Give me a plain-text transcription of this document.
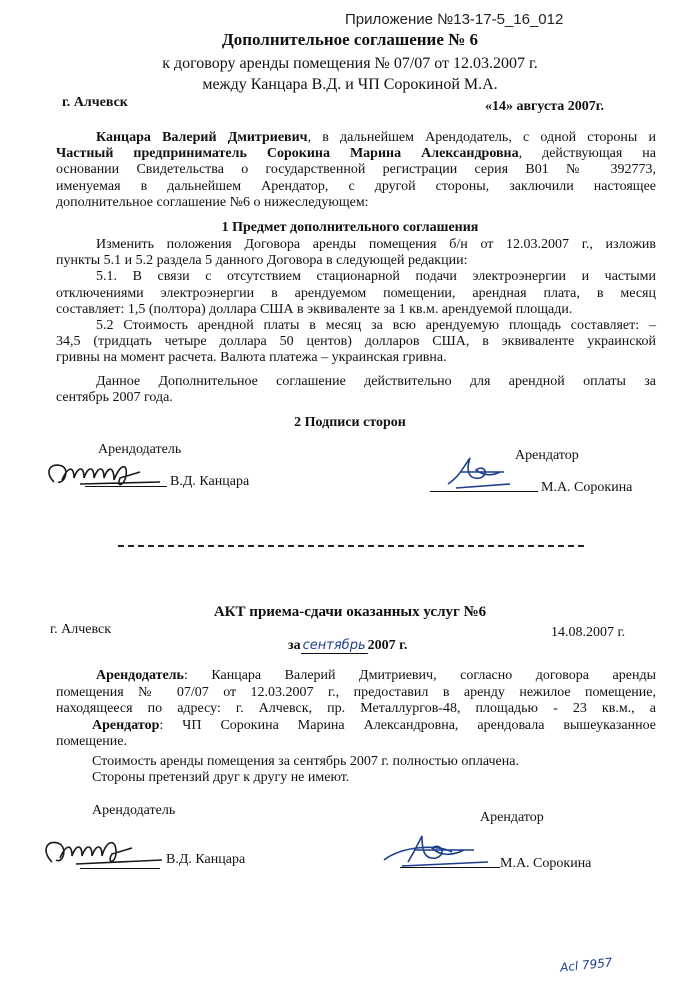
Приложение №13-17-5_16_012
Дополнительное соглашение № 6
к договору аренды помещения № 07/07 от 12.03.2007 г.
между Канцара В.Д. и ЧП Сорокиной М.А.
г. Алчевск	«14» августа 2007г.
Канцара Валерий Дмитриевич, в дальнейшем Арендодатель, с одной стороны и
Частный предприниматель Сорокина Марина Александровна, действующая на
основании Свидетельства о государственной регистрации серия В01 № 392773,
именуемая в дальнейшем Арендатор, с другой стороны, заключили настоящее
дополнительное соглашение №6 о нижеследующем:
1 Предмет дополнительного соглашения
Изменить положения Договора аренды помещения б/н от 12.03.2007 г., изложив
пункты 5.1 и 5.2 раздела 5 данного Договора в следующей редакции:
5.1. В связи с отсутствием стационарной подачи электроэнергии и частыми
отключениями электроэнергии в арендуемом помещении, арендная плата, в месяц
составляет: 1,5 (полтора) доллара США в эквиваленте за 1 кв.м. арендуемой площади.
5.2 Стоимость арендной платы в месяц за всю арендуемую площадь составляет: –
34,5 (тридцать четыре доллара 50 центов) долларов США, в эквиваленте украинской
гривны на момент расчета. Валюта платежа – украинская гривна.
Данное Дополнительное соглашение действительно для арендной оплаты за
сентябрь 2007 года.
2 Подписи сторон
Арендодатель	Арендатор
В.Д. Канцара	М.А. Сорокина
АКТ приема-сдачи оказанных услуг №6
г. Алчевск	14.08.2007 г.
за сентябрь 2007 г.
Арендодатель: Канцара Валерий Дмитриевич, согласно договора аренды
помещения № 07/07 от 12.03.2007 г., предоставил в аренду нежилое помещение,
находящееся по адресу: г. Алчевск, пр. Металлургов-48, площадью - 23 кв.м., а
Арендатор: ЧП Сорокина Марина Александровна, арендовала вышеуказанное
помещение.
Стоимость аренды помещения за сентябрь 2007 г. полностью оплачена.
Стороны претензий друг к другу не имеют.
Арендодатель	Арендатор
В.Д. Канцара	М.А. Сорокина
Acl 7957
